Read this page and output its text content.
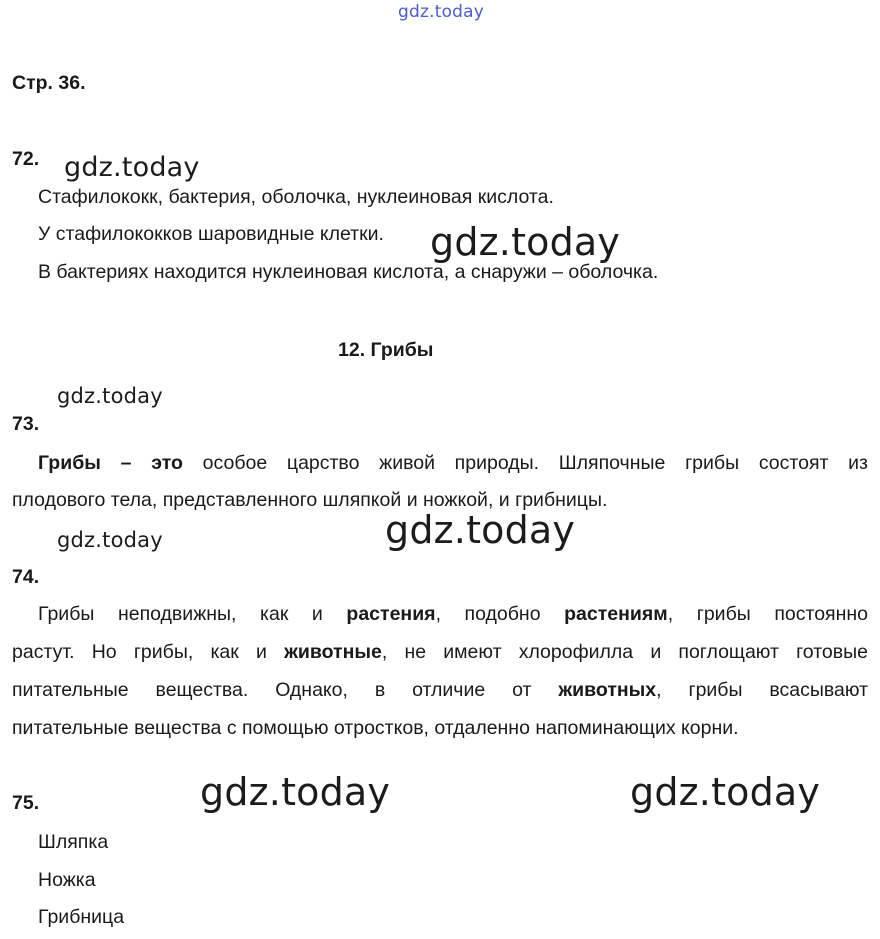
gdz.today
Стр. 36.
72. gdz.today
Стафилококк, бактерия, оболочка, нуклеиновая кислота.
У стафилококков шаровидные клетки. gdz.today
В бактериях находится нуклеиновая кислота, а снаружи – оболочка.
12. Грибы
gdz.today
73.
Грибы – это особое царство живой природы. Шляпочные грибы состоят из
плодового тела, представленного шляпкой и ножкой, и грибницы.
gdz.today
gdz.today
74.
Грибы неподвижны, как и растения, подобно растениям, грибы постоянно
растут. Но грибы, как и животные, не имеют хлорофилла и поглощают готовые
питательные вещества. Однако, в отличие от животных, грибы всасывают
питательные вещества с помощью отростков, отдаленно напоминающих корни.
gdz.today	gdz.today
75.
Шляпка
Ножка
Грибница
